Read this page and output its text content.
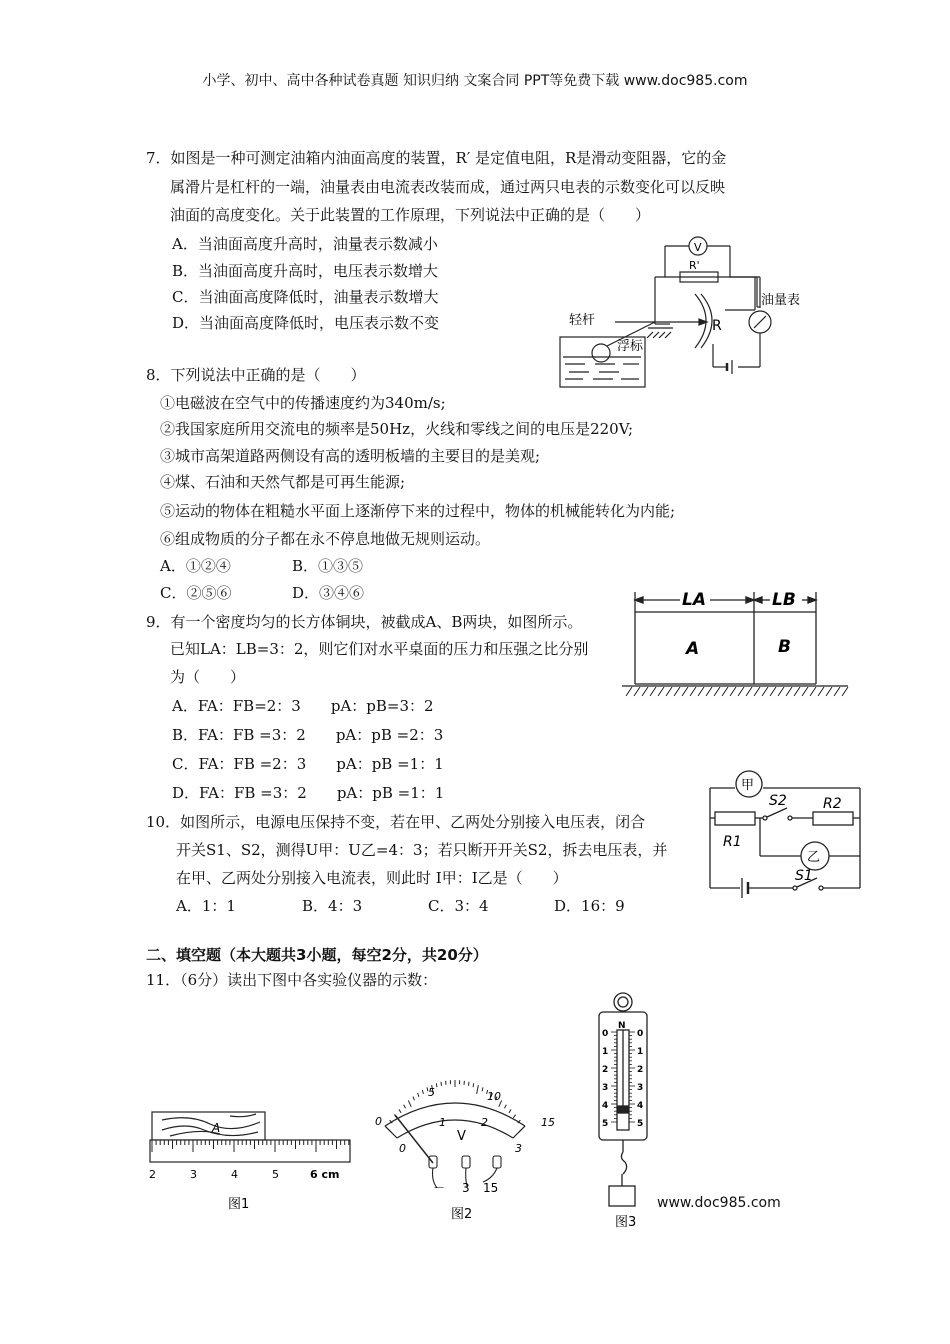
小学、初中、高中各种试卷真题 知识归纳 文案合同 PPT等免费下载 www.doc985.com
7．如图是一种可测定油箱内油面高度的装置，R′ 是定值电阻，R是滑动变阻器，它的金
属滑片是杠杆的一端，油量表由电流表改装而成，通过两只电表的示数变化可以反映
油面的高度变化。关于此装置的工作原理，下列说法中正确的是（　　）
A．当油面高度升高时，油量表示数减小
B．当油面高度升高时，电压表示数增大
C．当油面高度降低时，油量表示数增大
D．当油面高度降低时，电压表示数不变
V
R'
油量表
轻杆
浮标
R
8．下列说法中正确的是（　　）
①电磁波在空气中的传播速度约为340m/s;
②我国家庭所用交流电的频率是50Hz，火线和零线之间的电压是220V;
③城市高架道路两侧设有高的透明板墙的主要目的是美观;
④煤、石油和天然气都是可再生能源;
⑤运动的物体在粗糙水平面上逐渐停下来的过程中，物体的机械能转化为内能;
⑥组成物质的分子都在永不停息地做无规则运动。
A．①②④	B．①③⑤
C．②⑤⑥	D．③④⑥
9．有一个密度均匀的长方体铜块，被截成A、B两块，如图所示。
已知LA：LB=3：2，则它们对水平桌面的压力和压强之比分别
为（　　）
A．FA：FB=2：3　　pA：pB=3：2
B．FA：FB =3：2　　pA：pB =2：3
C．FA：FB =2：3　　pA：pB =1：1
D．FA：FB =3：2　　pA：pB =1：1
LA	LB
A	B
10．如图所示，电源电压保持不变，若在甲、乙两处分别接入电压表，闭合
开关S1、S2，测得U甲：U乙=4：3；若只断开开关S2，拆去电压表，并
在甲、乙两处分别接入电流表，则此时 I甲：I乙是（　　）
A．1：1	B．4：3	C．3：4	D．16：9
甲
乙
S2	R2
R1
S1
二、填空题（本大题共3小题，每空2分，共20分）
11．（6分）读出下图中各实验仪器的示数：
2	3	4	5	6 cm
A
图1
0
5	10
15
0
1	2
3
V
－ 3 15
图2
N
0
1
2
3
4
5
0
1
2
3
4
5
图3
www.doc985.com
